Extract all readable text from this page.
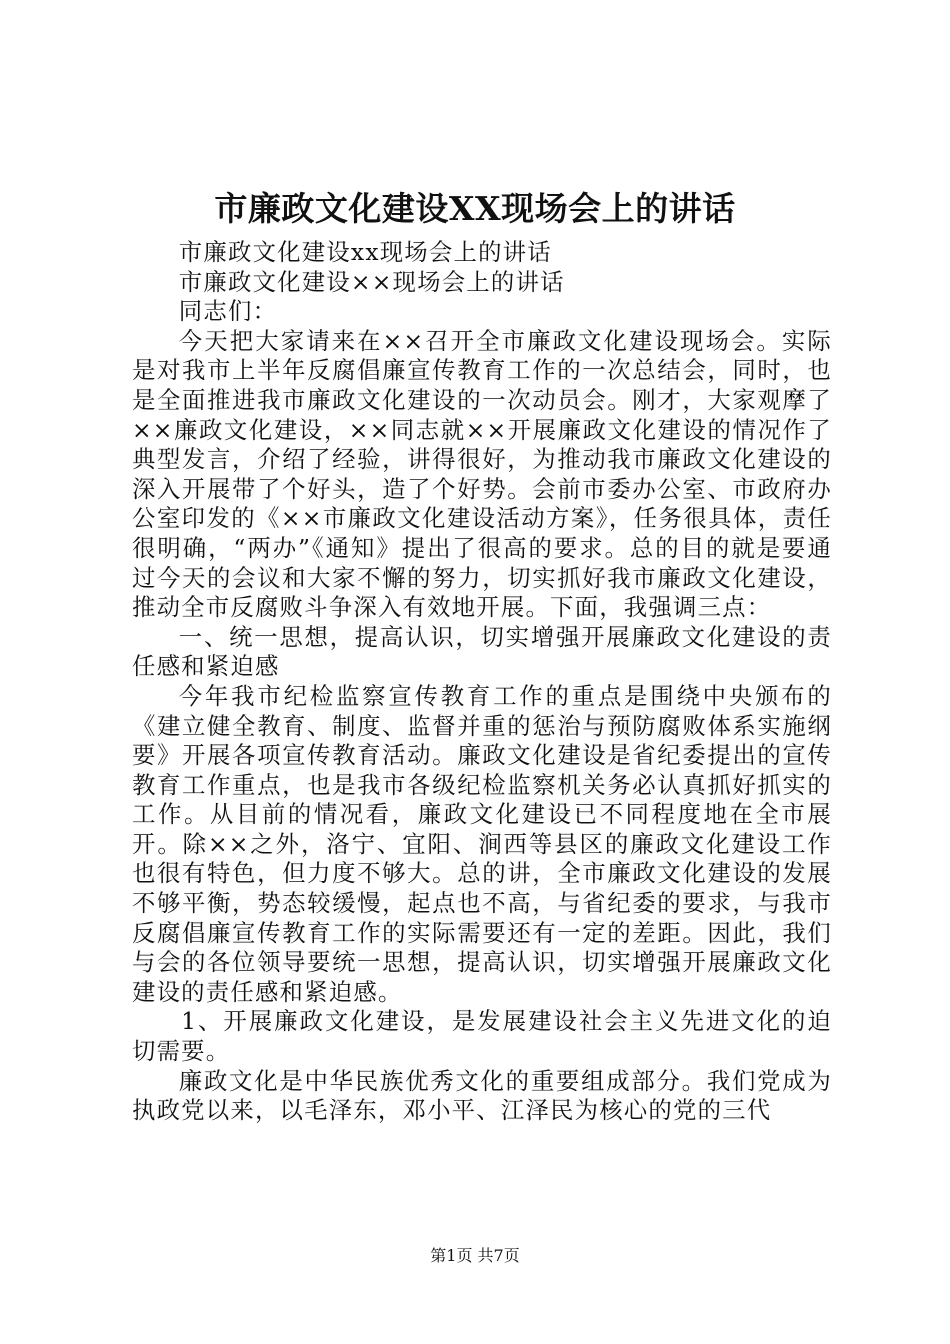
市廉政文化建设XX现场会上的讲话

市廉政文化建设xx现场会上的讲话

市廉政文化建设××现场会上的讲话

同志们：

今天把大家请来在××召开全市廉政文化建设现场会。实际是对我市上半年反腐倡廉宣传教育工作的一次总结会，同时，也是全面推进我市廉政文化建设的一次动员会。刚才，大家观摩了××廉政文化建设，××同志就××开展廉政文化建设的情况作了典型发言，介绍了经验，讲得很好，为推动我市廉政文化建设的深入开展带了个好头，造了个好势。会前市委办公室、市政府办公室印发的《××市廉政文化建设活动方案》，任务很具体，责任很明确，“两办”《通知》提出了很高的要求。总的目的就是要通过今天的会议和大家不懈的努力，切实抓好我市廉政文化建设，推动全市反腐败斗争深入有效地开展。下面，我强调三点：

一、统一思想，提高认识，切实增强开展廉政文化建设的责任感和紧迫感

今年我市纪检监察宣传教育工作的重点是围绕中央颁布的《建立健全教育、制度、监督并重的惩治与预防腐败体系实施纲要》开展各项宣传教育活动。廉政文化建设是省纪委提出的宣传教育工作重点，也是我市各级纪检监察机关务必认真抓好抓实的工作。从目前的情况看，廉政文化建设已不同程度地在全市展开。除××之外，洛宁、宜阳、涧西等县区的廉政文化建设工作也很有特色，但力度不够大。总的讲，全市廉政文化建设的发展不够平衡，势态较缓慢，起点也不高，与省纪委的要求，与我市反腐倡廉宣传教育工作的实际需要还有一定的差距。因此，我们与会的各位领导要统一思想，提高认识，切实增强开展廉政文化建设的责任感和紧迫感。

1、开展廉政文化建设，是发展建设社会主义先进文化的迫切需要。

廉政文化是中华民族优秀文化的重要组成部分。我们党成为执政党以来，以毛泽东，邓小平、江泽民为核心的党的三代

第1页 共7页
